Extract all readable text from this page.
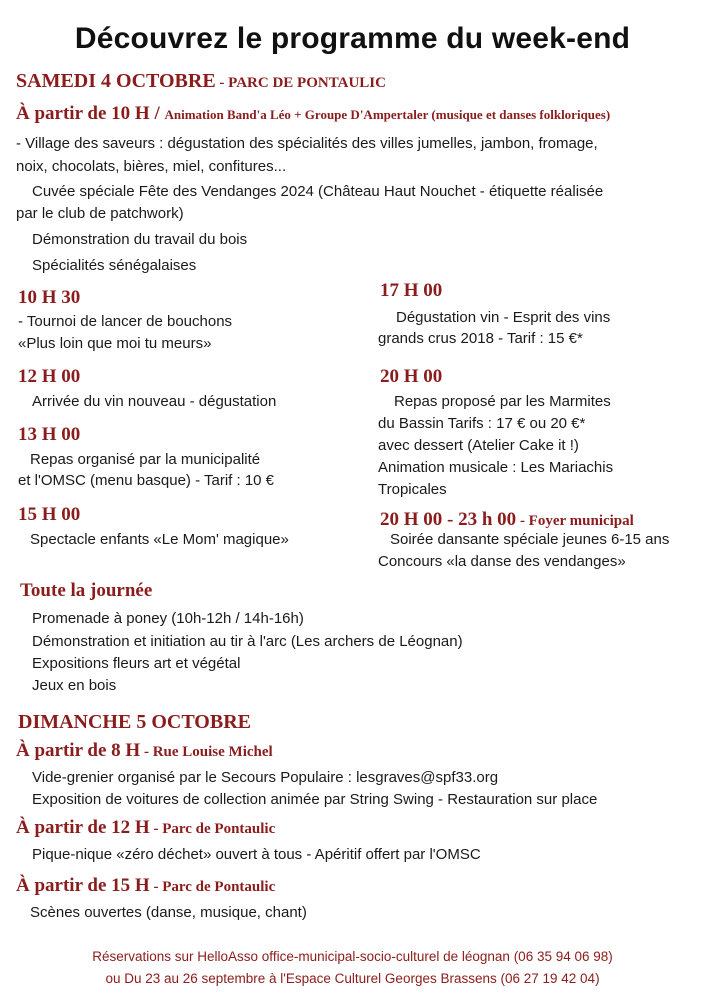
Découvrez le programme du week-end
SAMEDI 4 OCTOBRE - PARC DE PONTAULIC
À partir de 10 H / Animation Band'a Léo + Groupe D'Ampertaler (musique et danses folkloriques)
- Village des saveurs : dégustation des spécialités des villes jumelles, jambon, fromage,
noix, chocolats, bières, miel, confitures...
Cuvée spéciale Fête des Vendanges 2024 (Château Haut Nouchet - étiquette réalisée
par le club de patchwork)
Démonstration du travail du bois
Spécialités sénégalaises
10 H 30
- Tournoi de lancer de bouchons
«Plus loin que moi tu meurs»
12 H 00
Arrivée du vin nouveau - dégustation
13 H 00
Repas organisé par la municipalité
et l'OMSC (menu basque) - Tarif : 10 €
15 H 00
Spectacle enfants «Le Mom' magique»
17 H 00
Dégustation vin - Esprit des vins
grands crus 2018 - Tarif : 15 €*
20 H 00
Repas proposé par les Marmites
du Bassin Tarifs : 17 € ou 20 €*
avec dessert (Atelier Cake it !)
Animation musicale : Les Mariachis
Tropicales
20 H 00 - 23 h 00 - Foyer municipal
Soirée dansante spéciale jeunes 6-15 ans
Concours «la danse des vendanges»
Toute la journée
Promenade à poney (10h-12h / 14h-16h)
Démonstration et initiation au tir à l'arc (Les archers de Léognan)
Expositions fleurs art et végétal
Jeux en bois
DIMANCHE 5 OCTOBRE
À partir de 8 H - Rue Louise Michel
Vide-grenier organisé par le Secours Populaire : lesgraves@spf33.org
Exposition de voitures de collection animée par String Swing - Restauration sur place
À partir de 12 H - Parc de Pontaulic
Pique-nique «zéro déchet» ouvert à tous - Apéritif offert par l'OMSC
À partir de 15 H - Parc de Pontaulic
Scènes ouvertes (danse, musique, chant)
Réservations sur HelloAsso office-municipal-socio-culturel de léognan (06 35 94 06 98)
ou Du 23 au 26 septembre à l'Espace Culturel Georges Brassens (06 27 19 42 04)
